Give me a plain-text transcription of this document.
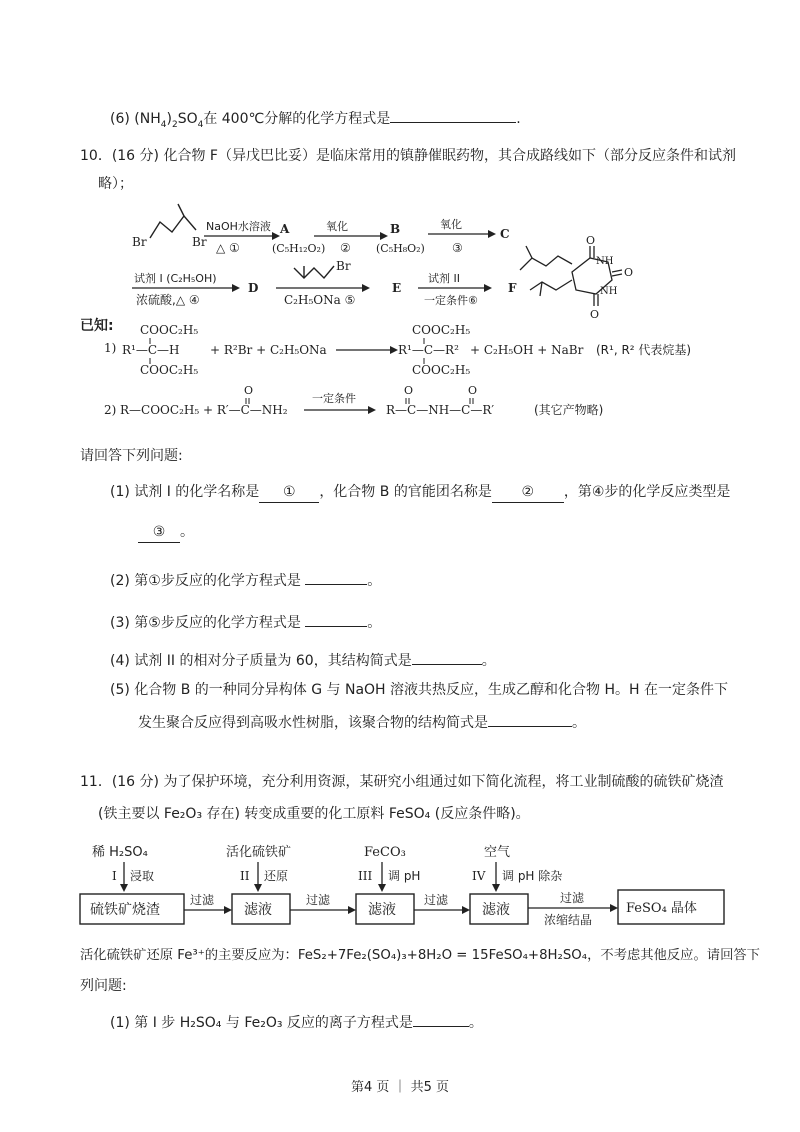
(6) $(NH_4)_2SO_4$在 400℃分解的化学方程式是	.
10．(16 分) 化合物 F（异戊巴比妥）是临床常用的镇静催眠药物，其合成路线如下（部分反应条件和试剂
略）；
Br	Br
NaOH水溶液
△ ①
A
(C₅H₁₂O₂)
氧化
②
B
(C₅H₈O₂)
氧化
③
C
试剂 I (C₂H₅OH)
浓硫酸,△ ④
D
Br
C₂H₅ONa ⑤
E
试剂 II
一定条件⑥
F
O
O
O
NH
NH
已知:
1)
COOC₂H₅
R¹—C—H
COOC₂H₅
+ R²Br + C₂H₅ONa
COOC₂H₅
R¹—C—R²
COOC₂H₅
+ C₂H₅OH + NaBr (R¹, R² 代表烷基)
2) R—COOC₂H₅ + R′—C—NH₂
O
一定条件
R—C—NH—C—R′
O	O
(其它产物略)
请回答下列问题:
(1) 试剂 I 的化学名称是 ① ，化合物 B 的官能团名称是 ② ，第④步的化学反应类型是
③ 。
(2) 第①步反应的化学方程式是	。
(3) 第⑤步反应的化学方程式是	。
(4) 试剂 II 的相对分子质量为 60，其结构简式是	。
(5) 化合物 B 的一种同分异构体 G 与 NaOH 溶液共热反应，生成乙醇和化合物 H。H 在一定条件下
发生聚合反应得到高吸水性树脂，该聚合物的结构简式是	。
11．(16 分) 为了保护环境，充分利用资源，某研究小组通过如下简化流程，将工业制硫酸的硫铁矿烧渣
(铁主要以 Fe₂O₃ 存在) 转变成重要的化工原料 FeSO₄ (反应条件略)。
稀 H₂SO₄
I 浸取
活化硫铁矿
II 还原
FeCO₃
III 调 pH
空气
IV 调 pH 除杂
硫铁矿烧渣	滤液	滤液	滤液	FeSO₄ 晶体
过滤	过滤	过滤	过滤
浓缩结晶
活化硫铁矿还原 Fe³⁺的主要反应为：FeS₂+7Fe₂(SO₄)₃+8H₂O = 15FeSO₄+8H₂SO₄，不考虑其他反应。请回答下
列问题:
(1) 第 I 步 H₂SO₄ 与 Fe₂O₃ 反应的离子方程式是	。
第4 页 ｜ 共5 页
